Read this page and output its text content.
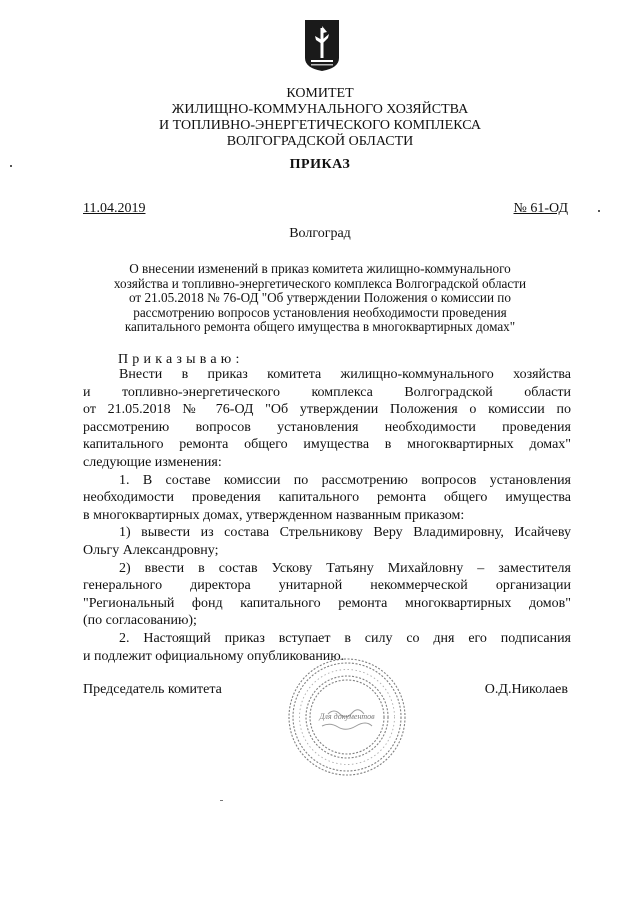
КОМИТЕТ
ЖИЛИЩНО-КОММУНАЛЬНОГО ХОЗЯЙСТВА
И ТОПЛИВНО-ЭНЕРГЕТИЧЕСКОГО КОМПЛЕКСА
ВОЛГОГРАДСКОЙ ОБЛАСТИ
ПРИКАЗ
11.04.2019	№ 61-ОД
Волгоград
О внесении изменений в приказ комитета жилищно-коммунального
хозяйства и топливно-энергетического комплекса Волгоградской области
от 21.05.2018 № 76-ОД "Об утверждении Положения о комиссии по
рассмотрению вопросов установления необходимости проведения
капитального ремонта общего имущества в многоквартирных домах"
Приказываю:
Внести в приказ комитета жилищно-коммунального хозяйства
и топливно-энергетического комплекса Волгоградской области
от 21.05.2018 № 76-ОД "Об утверждении Положения о комиссии по
рассмотрению вопросов установления необходимости проведения
капитального ремонта общего имущества в многоквартирных домах"
следующие изменения:
1. В составе комиссии по рассмотрению вопросов установления
необходимости проведения капитального ремонта общего имущества
в многоквартирных домах, утвержденном названным приказом:
1) вывести из состава Стрельникову Веру Владимировну, Исайчеву
Ольгу Александровну;
2) ввести в состав Ускову Татьяну Михайловну – заместителя
генерального директора унитарной некоммерческой организации
"Региональный фонд капитального ремонта многоквартирных домов"
(по согласованию);
2. Настоящий приказ вступает в силу со дня его подписания
и подлежит официальному опубликованию.
Председатель комитета	О.Д.Николаев
Для документов
